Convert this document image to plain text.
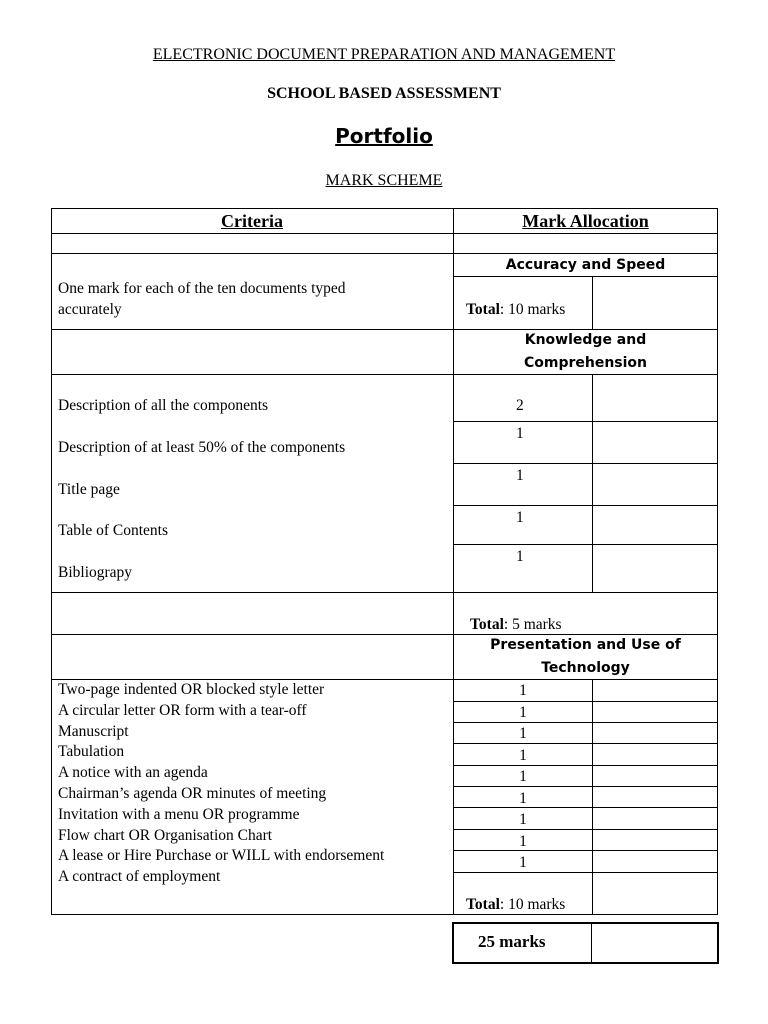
ELECTRONIC DOCUMENT PREPARATION AND MANAGEMENT
SCHOOL BASED ASSESSMENT
Portfolio
MARK SCHEME
Criteria	Mark Allocation
Accuracy and Speed
One mark for each of the ten documents typed
accurately	Total: 10 marks
Knowledge and
Comprehension
Description of all the components
Description of at least 50% of the components
Title page
Table of Contents
Bibliograpy
2
1
1
1
1
Total: 5 marks
Presentation and Use of
Technology
Two-page indented OR blocked style letter
A circular letter OR form with a tear-off
Manuscript
Tabulation
A notice with an agenda
Chairman’s agenda OR minutes of meeting
Invitation with a menu OR programme
Flow chart OR Organisation Chart
A lease or Hire Purchase or WILL with endorsement
A contract of employment
1
1
1
1
1
1
1
1
1
Total: 10 marks
25 marks
